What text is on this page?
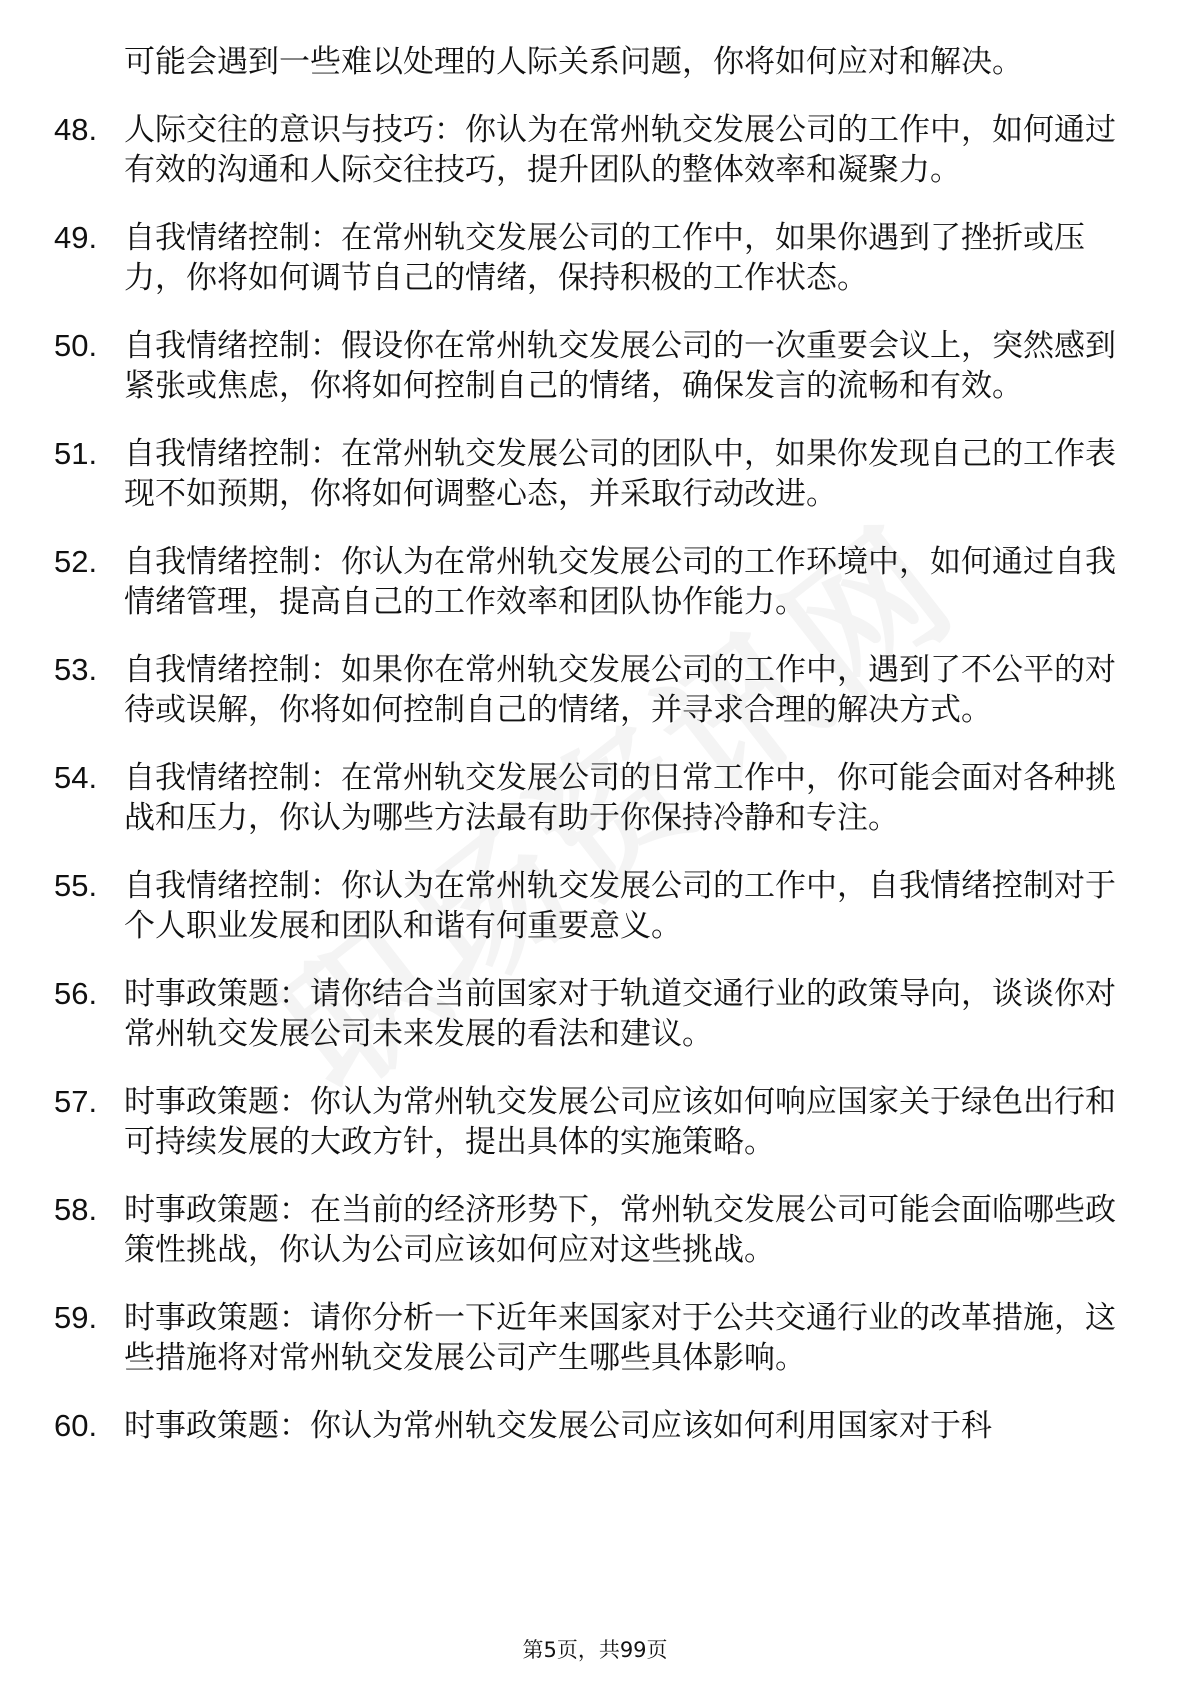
可能会遇到一些难以处理的人际关系问题，你将如何应对和解决。
48. 人际交往的意识与技巧：你认为在常州轨交发展公司的工作中，如何通过有效的沟通和人际交往技巧，提升团队的整体效率和凝聚力。
49. 自我情绪控制：在常州轨交发展公司的工作中，如果你遇到了挫折或压力，你将如何调节自己的情绪，保持积极的工作状态。
50. 自我情绪控制：假设你在常州轨交发展公司的一次重要会议上，突然感到紧张或焦虑，你将如何控制自己的情绪，确保发言的流畅和有效。
51. 自我情绪控制：在常州轨交发展公司的团队中，如果你发现自己的工作表现不如预期，你将如何调整心态，并采取行动改进。
52. 自我情绪控制：你认为在常州轨交发展公司的工作环境中，如何通过自我情绪管理，提高自己的工作效率和团队协作能力。
53. 自我情绪控制：如果你在常州轨交发展公司的工作中，遇到了不公平的对待或误解，你将如何控制自己的情绪，并寻求合理的解决方式。
54. 自我情绪控制：在常州轨交发展公司的日常工作中，你可能会面对各种挑战和压力，你认为哪些方法最有助于你保持冷静和专注。
55. 自我情绪控制：你认为在常州轨交发展公司的工作中，自我情绪控制对于个人职业发展和团队和谐有何重要意义。
56. 时事政策题：请你结合当前国家对于轨道交通行业的政策导向，谈谈你对常州轨交发展公司未来发展的看法和建议。
57. 时事政策题：你认为常州轨交发展公司应该如何响应国家关于绿色出行和可持续发展的大政方针，提出具体的实施策略。
58. 时事政策题：在当前的经济形势下，常州轨交发展公司可能会面临哪些政策性挑战，你认为公司应该如何应对这些挑战。
59. 时事政策题：请你分析一下近年来国家对于公共交通行业的改革措施，这些措施将对常州轨交发展公司产生哪些具体影响。
60. 时事政策题：你认为常州轨交发展公司应该如何利用国家对于科
第5页，共99页
